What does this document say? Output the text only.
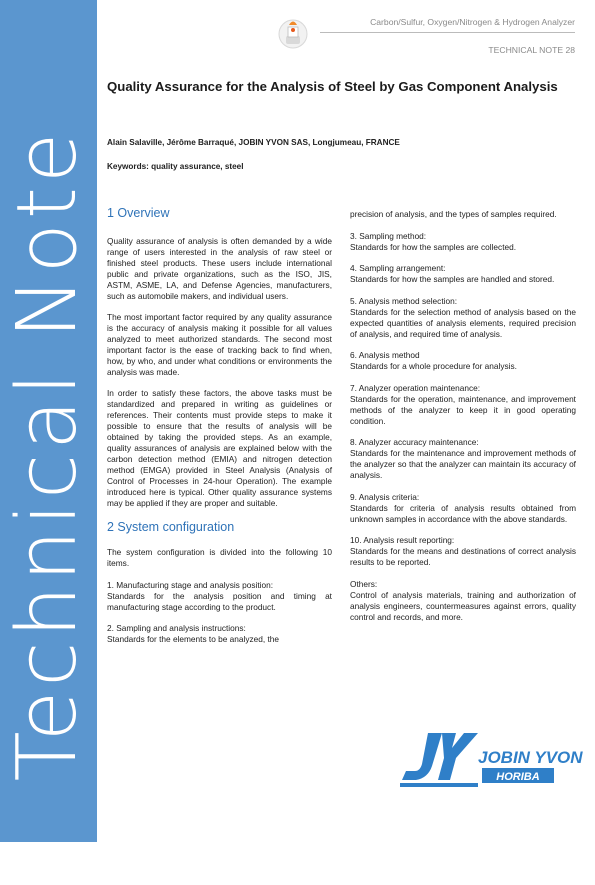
Technical Note
Carbon/Sulfur, Oxygen/Nitrogen & Hydrogen Analyzer
TECHNICAL NOTE 28
Quality Assurance for the Analysis of Steel by Gas Component Analysis
Alain Salaville, Jérôme Barraqué, JOBIN YVON SAS, Longjumeau, FRANCE
Keywords: quality assurance, steel
1 Overview

Quality assurance of analysis is often demanded by a wide range of users interested in the analysis of raw steel or finished steel products. These users include international public and private organizations, such as the ISO, JIS, ASTM, ASME, LA, and Defense Agencies, manufacturers, such as automobile makers, and individual users.

The most important factor required by any quality assurance is the accuracy of analysis making it possible for all values analyzed to meet authorized standards. The second most important factor is the ease of tracking back to find when, how, by who, and under what conditions or environments the analysis was made.

In order to satisfy these factors, the above tasks must be standardized and prepared in writing as guidelines or references. Their contents must provide steps to make it possible to ensure that the results of analysis will be obtained by taking the provided steps. As an example, quality assurances of analysis are explained below with the carbon detection method (EMIA) and nitrogen detection method (EMGA) provided in Steel Analysis (Analysis of Control of Processes in 24-hour Operation). The example introduced here is typical. Other quality assurance systems may be applied if they are proper and suitable.

2 System configuration

The system configuration is divided into the following 10 items.

1. Manufacturing stage and analysis position:
Standards for the analysis position and timing at manufacturing stage according to the product.

2. Sampling and analysis instructions:
Standards for the elements to be analyzed, the

precision of analysis, and the types of samples required.

3. Sampling method:
Standards for how the samples are collected.

4. Sampling arrangement:
Standards for how the samples are handled and stored.

5. Analysis method selection:
Standards for the selection method of analysis based on the expected quantities of analysis elements, required precision of analysis, and required time of analysis.

6. Analysis method
Standards for a whole procedure for analysis.

7. Analyzer operation maintenance:
Standards for the operation, maintenance, and improvement methods of the analyzer to keep it in good operating condition.

8. Analyzer accuracy maintenance:
Standards for the maintenance and improvement methods of the analyzer so that the analyzer can maintain its accuracy of analysis.

9. Analysis criteria:
Standards for criteria of analysis results obtained from unknown samples in accordance with the above standards.

10. Analysis result reporting:
Standards for the means and destinations of correct analysis results to be reported.

Others:
Control of analysis materials, training and authorization of analysis engineers, countermeasures against errors, quality control and records, and more.

JOBIN YVON
HORIBA
